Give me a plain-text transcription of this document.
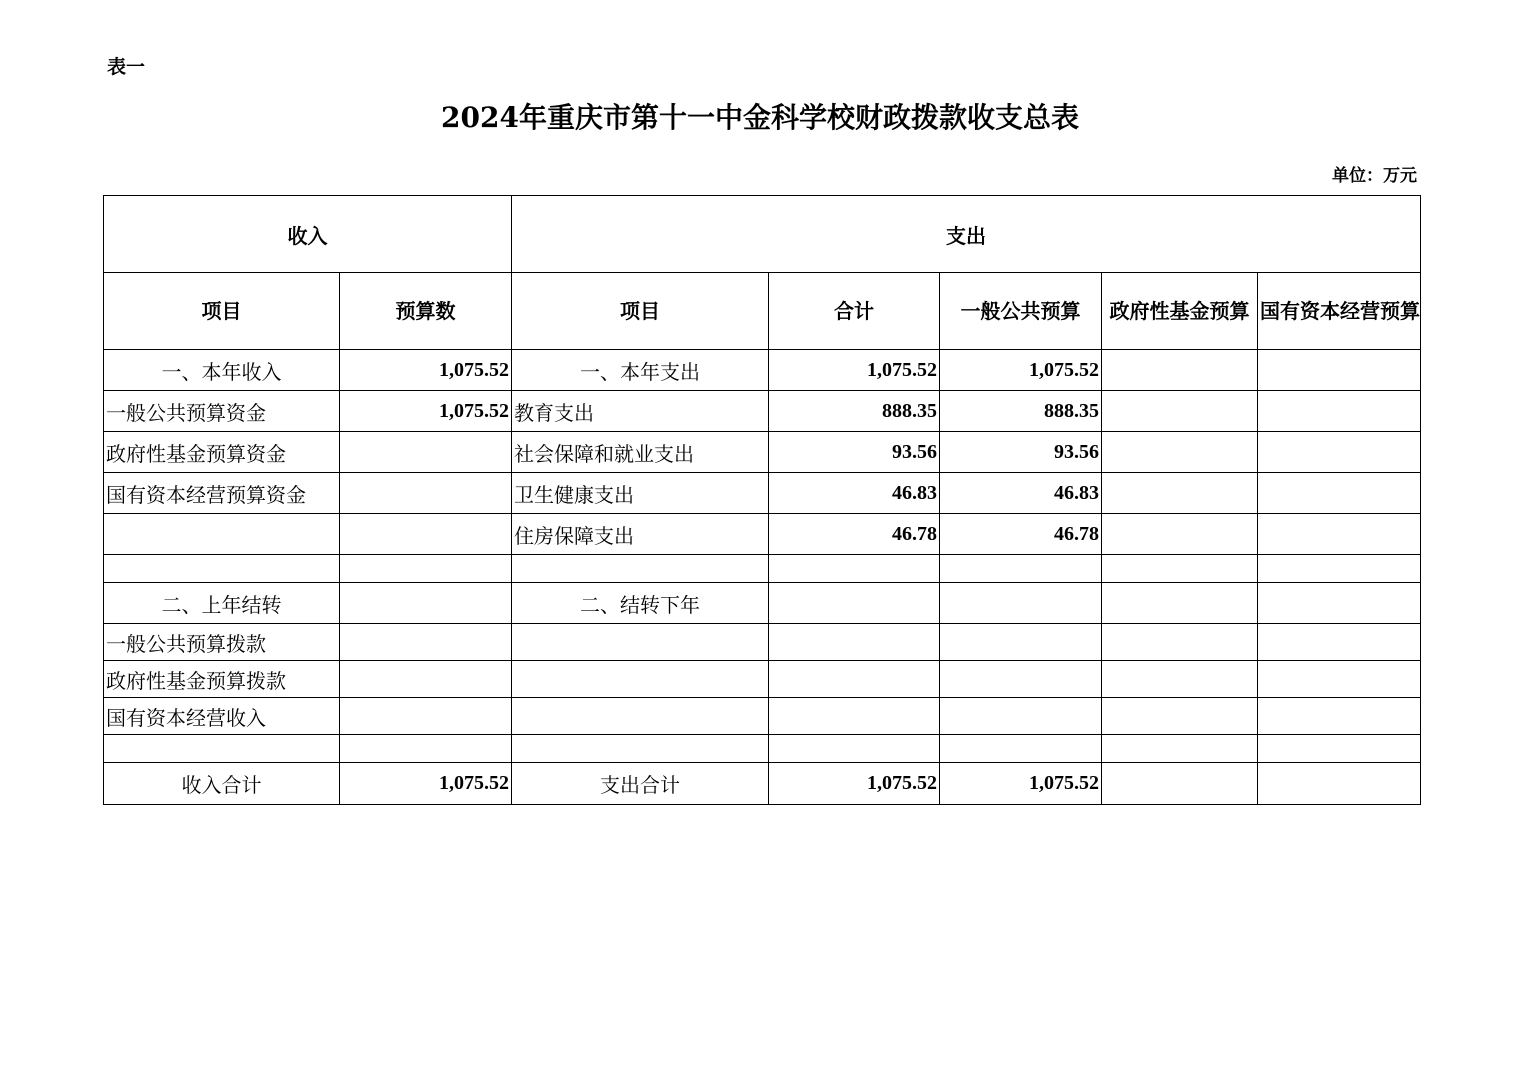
表一
2024年重庆市第十一中金科学校财政拨款收支总表
单位：万元
收入		支出				
项目	预算数	项目	合计	一般公共预算	政府性基金预算	国有资本经营预算
一、本年收入	1,075.52	一、本年支出	1,075.52	1,075.52		
一般公共预算资金	1,075.52	教育支出	888.35	888.35		
政府性基金预算资金		社会保障和就业支出	93.56	93.56		
国有资本经营预算资金		卫生健康支出	46.83	46.83		
		住房保障支出	46.78	46.78		

二、上年结转		二、结转下年				
一般公共预算拨款						
政府性基金预算拨款						
国有资本经营收入						

收入合计	1,075.52	支出合计	1,075.52	1,075.52		
